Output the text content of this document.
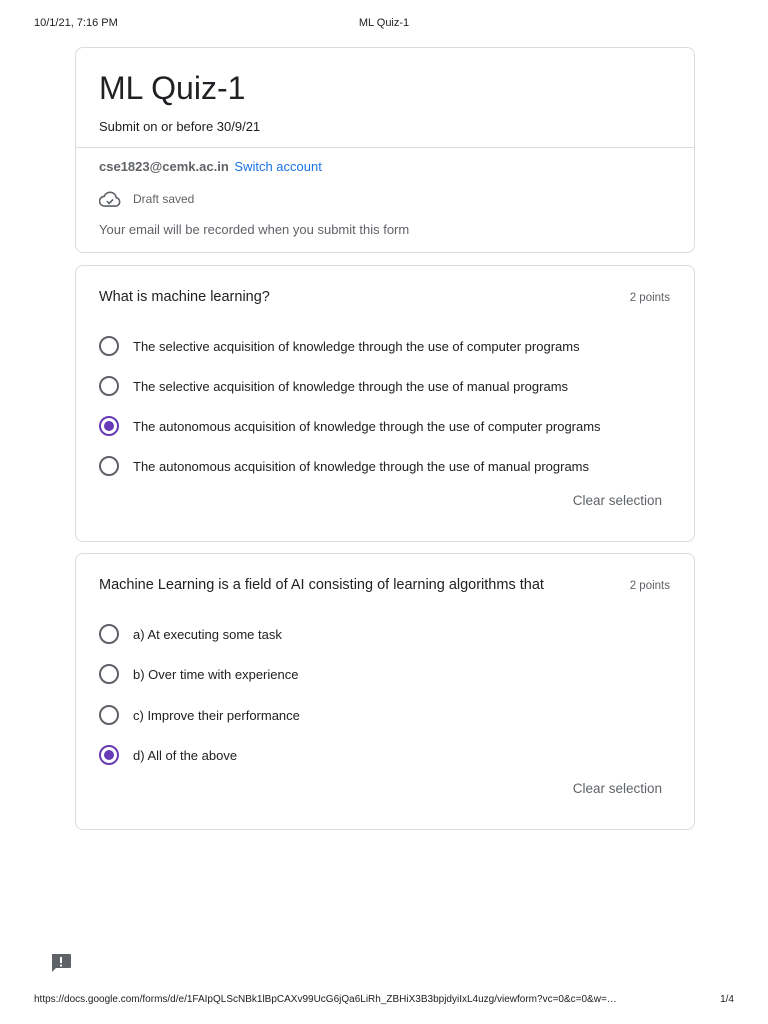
10/1/21, 7:16 PM	ML Quiz-1
ML Quiz-1
Submit on or before 30/9/21
cse1823@cemk.ac.in Switch account
Draft saved
Your email will be recorded when you submit this form
What is machine learning?	2 points
The selective acquisition of knowledge through the use of computer programs
The selective acquisition of knowledge through the use of manual programs
The autonomous acquisition of knowledge through the use of computer programs
The autonomous acquisition of knowledge through the use of manual programs
Clear selection
Machine Learning is a field of AI consisting of learning algorithms that	2 points
a) At executing some task
b) Over time with experience
c) Improve their performance
d) All of the above
Clear selection
https://docs.google.com/forms/d/e/1FAIpQLScNBk1lBpCAXv99UcG6jQa6LiRh_ZBHiX3B3bpjdyiIxL4uzg/viewform?vc=0&c=0&w=…	1/4
